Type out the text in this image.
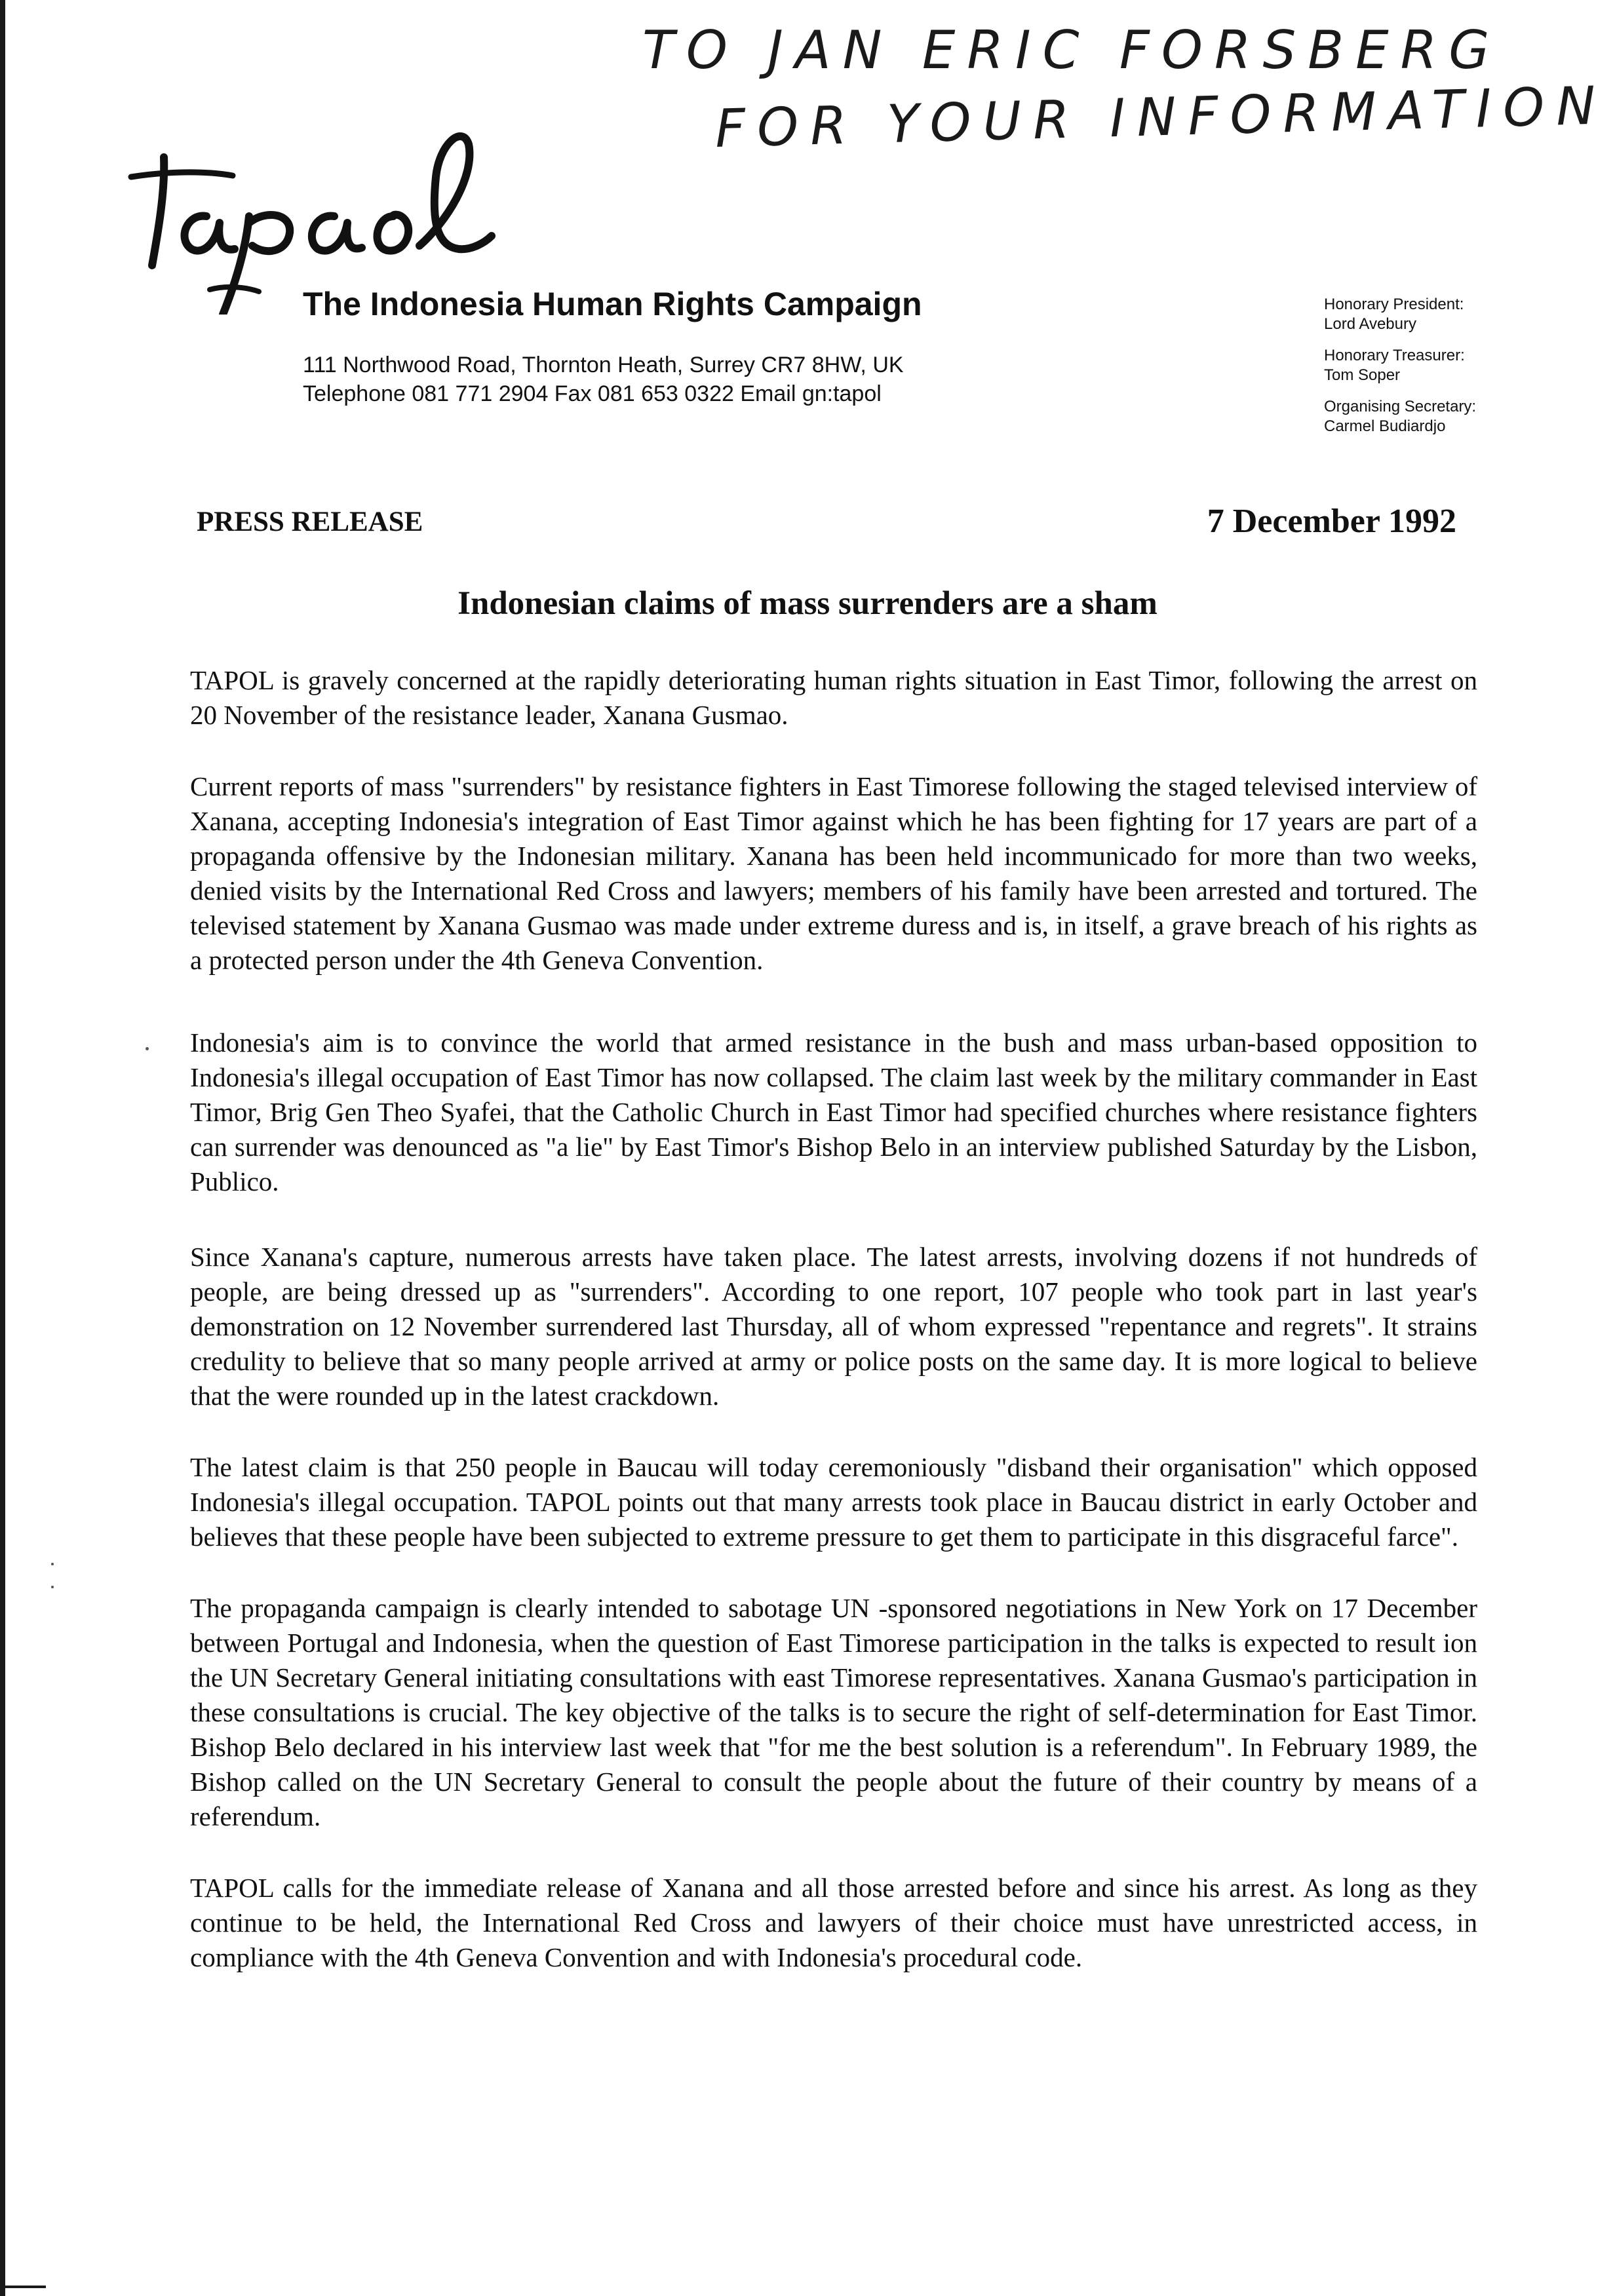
TO JAN ERIC FORSBERG
FOR YOUR INFORMATION
The Indonesia Human Rights Campaign
111 Northwood Road, Thornton Heath, Surrey CR7 8HW, UK
Telephone 081 771 2904 Fax 081 653 0322 Email gn:tapol
Honorary President:
Lord Avebury
Honorary Treasurer:
Tom Soper
Organising Secretary:
Carmel Budiardjo
PRESS RELEASE	7 December 1992
Indonesian claims of mass surrenders are a sham

TAPOL is gravely concerned at the rapidly deteriorating human rights situation in East Timor, following the arrest on 20 November of the resistance leader, Xanana Gusmao.

Current reports of mass "surrenders" by resistance fighters in East Timorese following the staged televised interview of Xanana, accepting Indonesia's integration of East Timor against which he has been fighting for 17 years are part of a propaganda offensive by the Indonesian military. Xanana has been held incommunicado for more than two weeks, denied visits by the International Red Cross and lawyers; members of his family have been arrested and tortured. The televised statement by Xanana Gusmao was made under extreme duress and is, in itself, a grave breach of his rights as a protected person under the 4th Geneva Convention.

Indonesia's aim is to convince the world that armed resistance in the bush and mass urban-based opposition to Indonesia's illegal occupation of East Timor has now collapsed. The claim last week by the military commander in East Timor, Brig Gen Theo Syafei, that the Catholic Church in East Timor had specified churches where resistance fighters can surrender was denounced as "a lie" by East Timor's Bishop Belo in an interview published Saturday by the Lisbon, Publico.

Since Xanana's capture, numerous arrests have taken place. The latest arrests, involving dozens if not hundreds of people, are being dressed up as "surrenders". According to one report, 107 people who took part in last year's demonstration on 12 November surrendered last Thursday, all of whom expressed "repentance and regrets". It strains credulity to believe that so many people arrived at army or police posts on the same day. It is more logical to believe that the were rounded up in the latest crackdown.

The latest claim is that 250 people in Baucau will today ceremoniously "disband their organisation" which opposed Indonesia's illegal occupation. TAPOL points out that many arrests took place in Baucau district in early October and believes that these people have been subjected to extreme pressure to get them to participate in this disgraceful farce".

The propaganda campaign is clearly intended to sabotage UN -sponsored negotiations in New York on 17 December between Portugal and Indonesia, when the question of East Timorese participation in the talks is expected to result ion the UN Secretary General initiating consultations with east Timorese representatives. Xanana Gusmao's participation in these consultations is crucial. The key objective of the talks is to secure the right of self-determination for East Timor. Bishop Belo declared in his interview last week that "for me the best solution is a referendum". In February 1989, the Bishop called on the UN Secretary General to consult the people about the future of their country by means of a referendum.

TAPOL calls for the immediate release of Xanana and all those arrested before and since his arrest. As long as they continue to be held, the International Red Cross and lawyers of their choice must have unrestricted access, in compliance with the 4th Geneva Convention and with Indonesia's procedural code.
